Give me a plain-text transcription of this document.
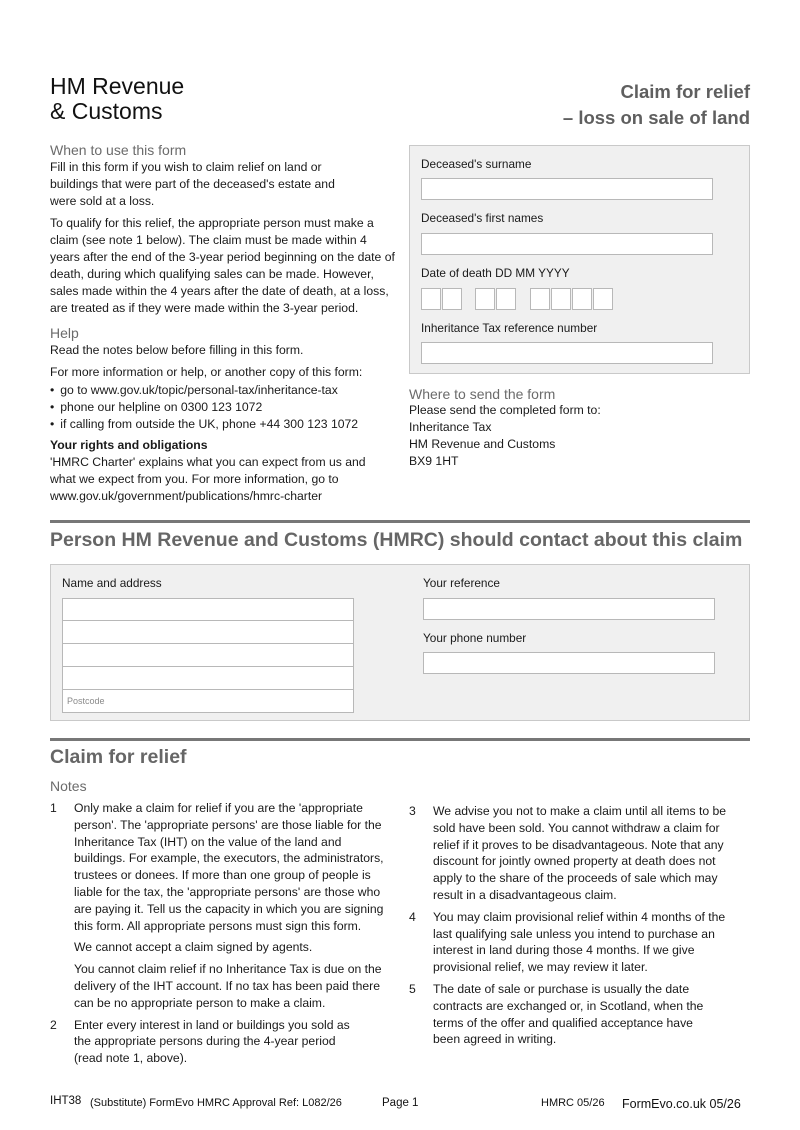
HM Revenue
& Customs
Claim for relief
– loss on sale of land
When to use this form

Fill in this form if you wish to claim relief on land or buildings that were part of the deceased's estate and were sold at a loss.

To qualify for this relief, the appropriate person must make a claim (see note 1 below). The claim must be made within 4 years after the end of the 3-year period beginning on the date of death, during which qualifying sales can be made. However, sales made within the 4 years after the date of death, at a loss, are treated as if they were made within the 3-year period.

Help

Read the notes below before filling in this form.

For more information or help, or another copy of this form:

• go to www.gov.uk/topic/personal-tax/inheritance-tax
• phone our helpline on 0300 123 1072
• if calling from outside the UK, phone +44 300 123 1072
Your rights and obligations
'HMRC Charter' explains what you can expect from us and what we expect from you. For more information, go to www.gov.uk/government/publications/hmrc-charter
Deceased's surname
Deceased's first names
Date of death DD MM YYYY

Inheritance Tax reference number
Where to send the form
Please send the completed form to:
Inheritance Tax
HM Revenue and Customs
BX9 1HT
Person HM Revenue and Customs (HMRC) should contact about this claim
Name and address
Postcode
Your reference
Your phone number
Claim for relief
Notes
1	Only make a claim for relief if you are the 'appropriate person'. The 'appropriate persons' are those liable for the Inheritance Tax (IHT) on the value of the land and buildings. For example, the executors, the administrators, trustees or donees. If more than one group of people is liable for the tax, the 'appropriate persons' are those who are paying it. Tell us the capacity in which you are signing this form. All appropriate persons must sign this form.

We cannot accept a claim signed by agents.

You cannot claim relief if no Inheritance Tax is due on the delivery of the IHT account. If no tax has been paid there can be no appropriate person to make a claim.

2	Enter every interest in land or buildings you sold as the appropriate persons during the 4-year period (read note 1, above).

3	We advise you not to make a claim until all items to be sold have been sold. You cannot withdraw a claim for relief if it proves to be disadvantageous. Note that any discount for jointly owned property at death does not apply to the share of the proceeds of sale which may result in a disadvantageous claim.

4	You may claim provisional relief within 4 months of the last qualifying sale unless you intend to purchase an interest in land during those 4 months. If we give provisional relief, we may review it later.

5	The date of sale or purchase is usually the date contracts are exchanged or, in Scotland, when the terms of the offer and qualified acceptance have been agreed in writing.

IHT38 (Substitute) FormEvo HMRC Approval Ref: L082/26	Page 1	HMRC 05/26 FormEvo.co.uk 05/26
